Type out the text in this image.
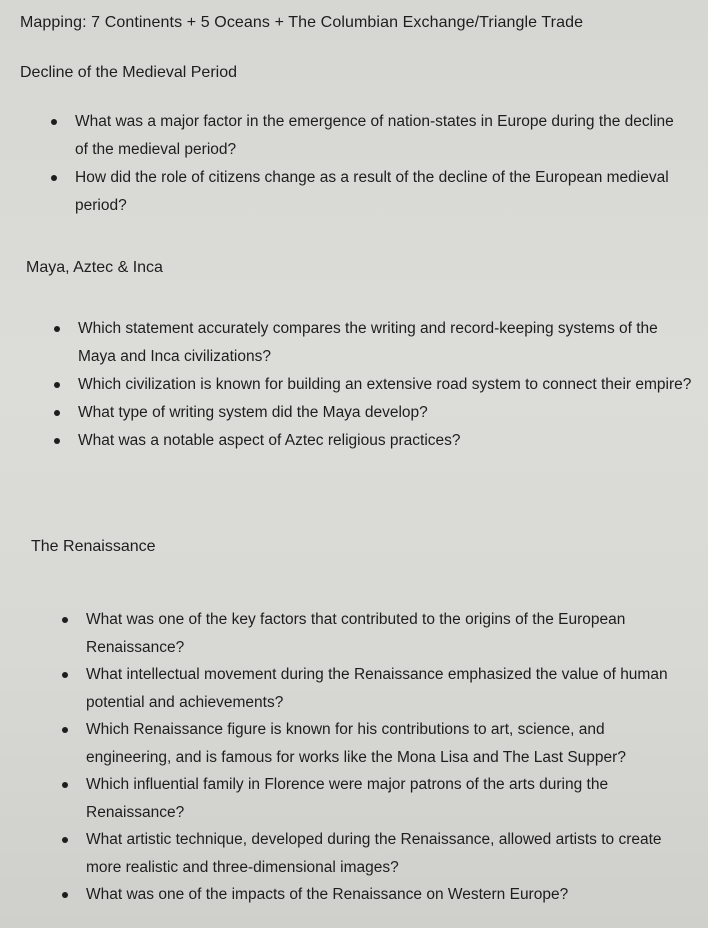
Mapping: 7 Continents + 5 Oceans + The Columbian Exchange/Triangle Trade
Decline of the Medieval Period
What was a major factor in the emergence of nation-states in Europe during the decline of the medieval period?
How did the role of citizens change as a result of the decline of the European medieval period?
Maya, Aztec & Inca
Which statement accurately compares the writing and record-keeping systems of the Maya and Inca civilizations?
Which civilization is known for building an extensive road system to connect their empire?
What type of writing system did the Maya develop?
What was a notable aspect of Aztec religious practices?
The Renaissance
What was one of the key factors that contributed to the origins of the European Renaissance?
What intellectual movement during the Renaissance emphasized the value of human potential and achievements?
Which Renaissance figure is known for his contributions to art, science, and engineering, and is famous for works like the Mona Lisa and The Last Supper?
Which influential family in Florence were major patrons of the arts during the Renaissance?
What artistic technique, developed during the Renaissance, allowed artists to create more realistic and three-dimensional images?
What was one of the impacts of the Renaissance on Western Europe?
